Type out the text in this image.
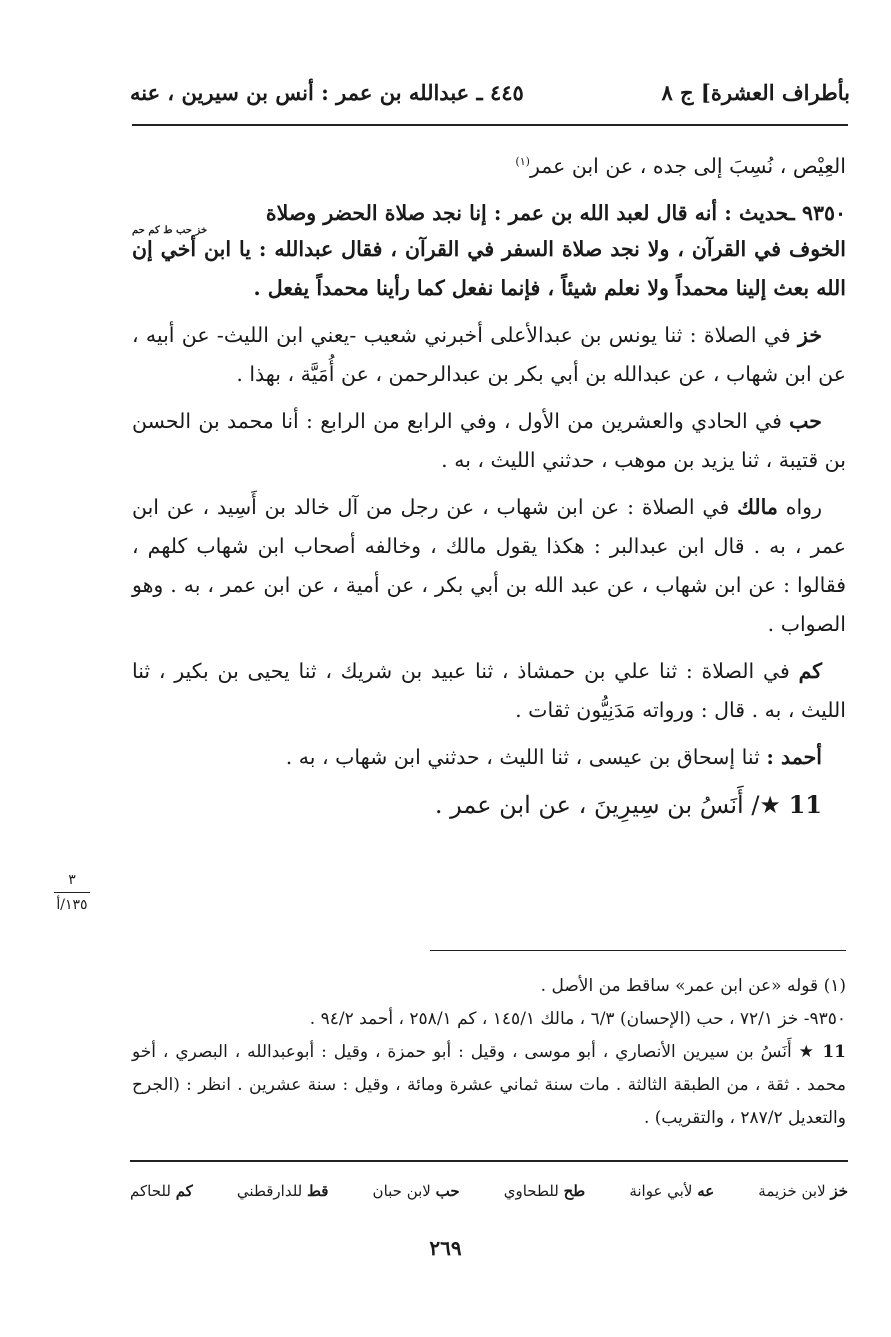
بأطراف العشرة] ج ٨
٤٤٥ ـ عبدالله بن عمر : أنس بن سيرين ، عنه

العِيْص ، نُسِبَ إلى جده ، عن ابن عمر$^{(١)}$

٩٣٥٠ ـحديث : أنه قال لعبد الله بن عمر : إنا نجد صلاة الحضر وصلاة
خز حب ط كم حم
الخوف في القرآن ، ولا نجد صلاة السفر في القرآن ، فقال عبدالله : يا ابن أخي إن الله بعث إلينا محمداً ولا نعلم شيئاً ، فإنما نفعل كما رأينا محمداً يفعل .

خز في الصلاة : ثنا يونس بن عبدالأعلى أخبرني شعيب -يعني ابن الليث- عن أبيه ، عن ابن شهاب ، عن عبدالله بن أبي بكر بن عبدالرحمن ، عن أُمَيَّة ، بهذا .

حب في الحادي والعشرين من الأول ، وفي الرابع من الرابع : أنا محمد بن الحسن بن قتيبة ، ثنا يزيد بن موهب ، حدثني الليث ، به .

رواه مالك في الصلاة : عن ابن شهاب ، عن رجل من آل خالد بن أَسِيد ، عن ابن عمر ، به . قال ابن عبدالبر : هكذا يقول مالك ، وخالفه أصحاب ابن شهاب كلهم ، فقالوا : عن ابن شهاب ، عن عبد الله بن أبي بكر ، عن أمية ، عن ابن عمر ، به . وهو الصواب .

كم في الصلاة : ثنا علي بن حمشاذ ، ثنا عبيد بن شريك ، ثنا يحيى بن بكير ، ثنا الليث ، به . قال : ورواته مَدَنِيُّون ثقات .

أحمد : ثنا إسحاق بن عيسى ، ثنا الليث ، حدثني ابن شهاب ، به .

11 ★/ أَنَسُ بن سِيرِينَ ، عن ابن عمر .

٣
١٣٥/أ

(١) قوله «عن ابن عمر» ساقط من الأصل .

٩٣٥٠- خز ٧٢/١ ، حب (الإحسان) ٦/٣ ، مالك ١٤٥/١ ، كم ٢٥٨/١ ، أحمد ٩٤/٢ .

11 ★ أَنَسُ بن سيرين الأنصاري ، أبو موسى ، وقيل : أبو حمزة ، وقيل : أبوعبدالله ، البصري ، أخو محمد . ثقة ، من الطبقة الثالثة . مات سنة ثماني عشرة ومائة ، وقيل : سنة عشرين . انظر : (الجرح والتعديل ٢٨٧/٢ ، والتقريب) .

خز لابن خزيمة
عه لأبي عوانة
طح للطحاوي
حب لابن حبان
قط للدارقطني
كم للحاكم
٢٦٩
